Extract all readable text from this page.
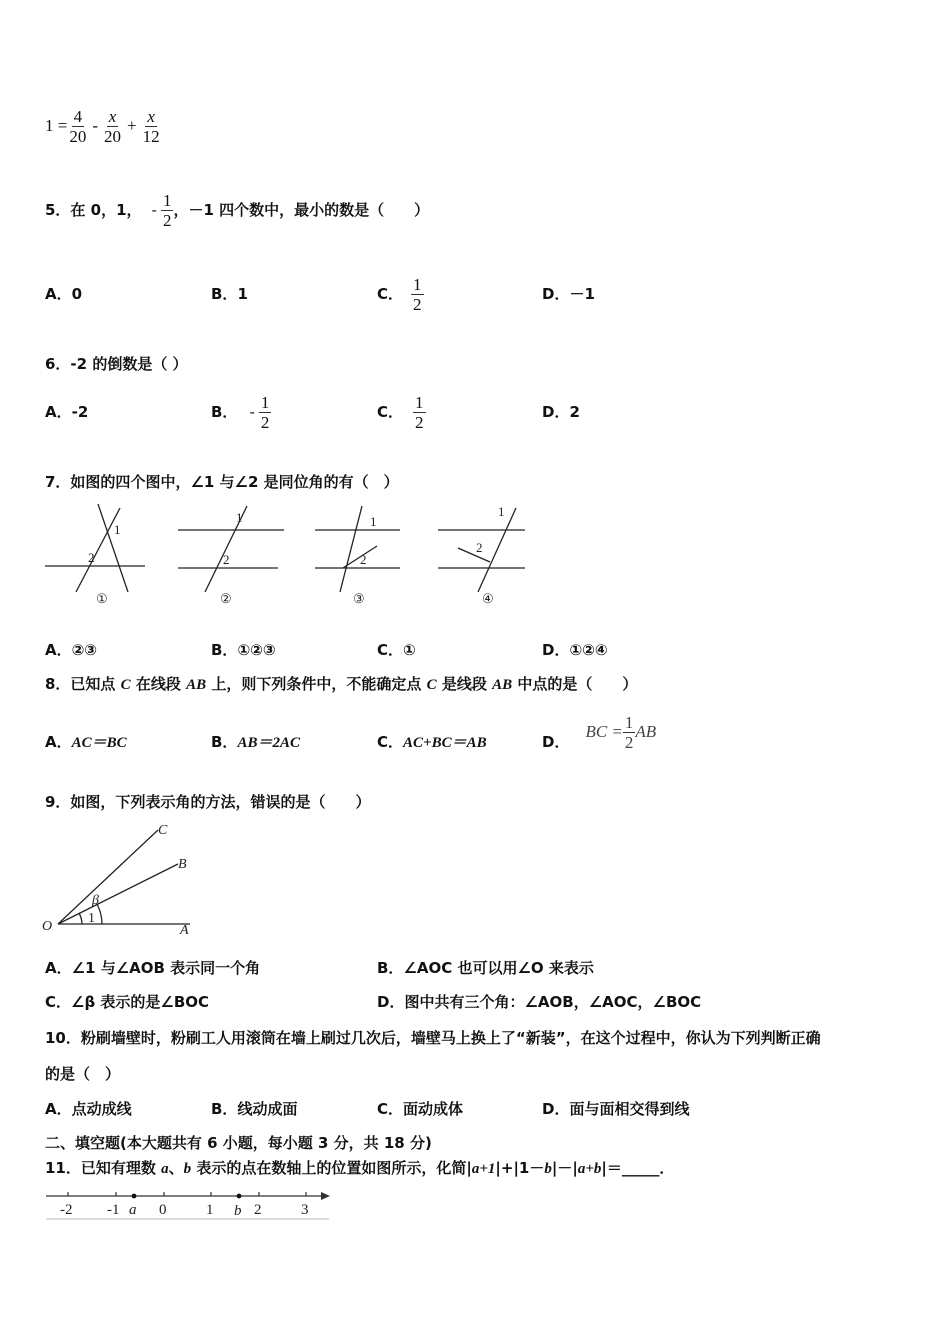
$1 = \frac{4}{20} - \frac{x}{20} + \frac{x}{12}$
5．在 0，1， - $\frac{1}{2}$ ，－1 四个数中，最小的数是（　　）
A．0	B．1	C． $\frac{1}{2}$	D．－1
6．-2 的倒数是（ ）
A．-2	B． - $\frac{1}{2}$	C． $\frac{1}{2}$	D．2
7．如图的四个图中，∠1 与∠2 是同位角的有（　）
1
2
1
2
1
2
1
2
①	②	③	④
A．②③	B．①②③	C．①	D．①②④
8．已知点 C 在线段 AB 上，则下列条件中，不能确定点 C 是线段 AB 中点的是（　　）
A．AC＝BC	B．AB＝2AC	C．AC+BC＝AB	D．
BC = $\frac{1}{2}$ AB
9．如图，下列表示角的方法，错误的是（　　）
O	A
B
C
β
1
A．∠1 与∠AOB 表示同一个角	B．∠AOC 也可以用∠O 来表示
C．∠β 表示的是∠BOC	D．图中共有三个角：∠AOB，∠AOC，∠BOC
10．粉刷墙壁时，粉刷工人用滚筒在墙上刷过几次后，墙壁马上换上了“新装”，在这个过程中，你认为下列判断正确
的是（　）
A．点动成线	B．线动成面	C．面动成体	D．面与面相交得到线
二、填空题(本大题共有 6 小题，每小题 3 分，共 18 分)
11．已知有理数 a、b 表示的点在数轴上的位置如图所示，化简|a+1|+|1－b|－|a+b|＝_____．
-2 -1	0	1	2	3
a	b
